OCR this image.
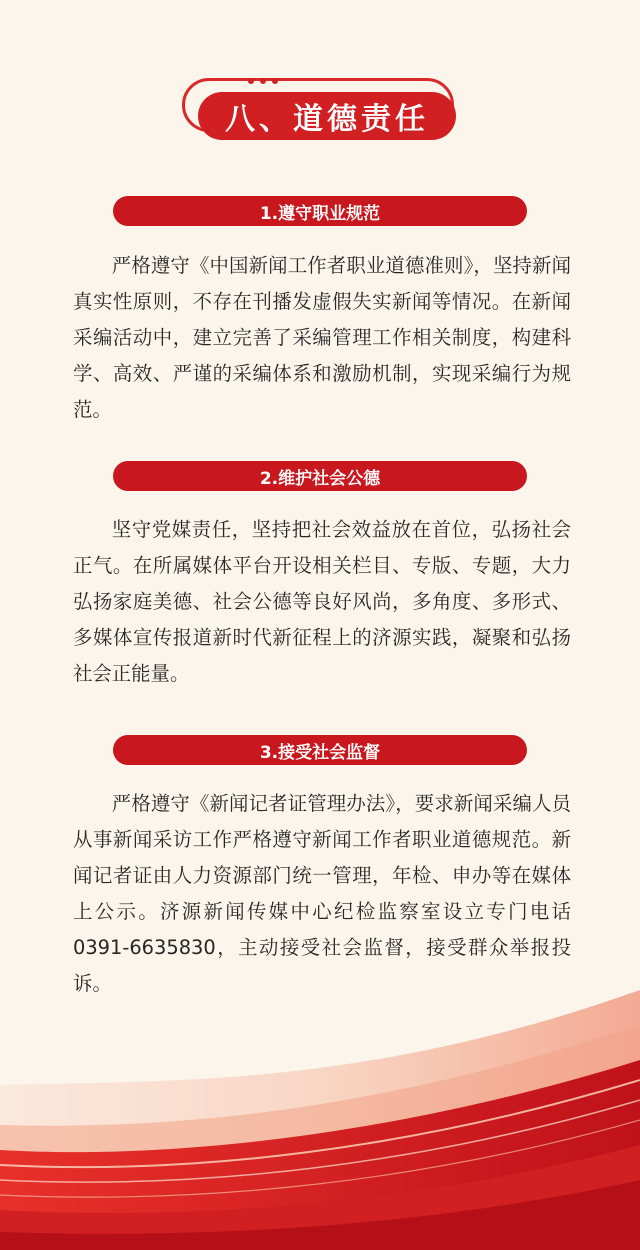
八、道德责任
1.遵守职业规范

严格遵守《中国新闻工作者职业道德准则》，坚持新闻真实性原则，不存在刊播发虚假失实新闻等情况。在新闻采编活动中，建立完善了采编管理工作相关制度，构建科学、高效、严谨的采编体系和激励机制，实现采编行为规范。

2.维护社会公德

坚守党媒责任，坚持把社会效益放在首位，弘扬社会正气。在所属媒体平台开设相关栏目、专版、专题，大力弘扬家庭美德、社会公德等良好风尚，多角度、多形式、多媒体宣传报道新时代新征程上的济源实践，凝聚和弘扬社会正能量。

3.接受社会监督

严格遵守《新闻记者证管理办法》，要求新闻采编人员从事新闻采访工作严格遵守新闻工作者职业道德规范。新闻记者证由人力资源部门统一管理，年检、申办等在媒体上公示。济源新闻传媒中心纪检监察室设立专门电话 0391-6635830，主动接受社会监督，接受群众举报投诉。
